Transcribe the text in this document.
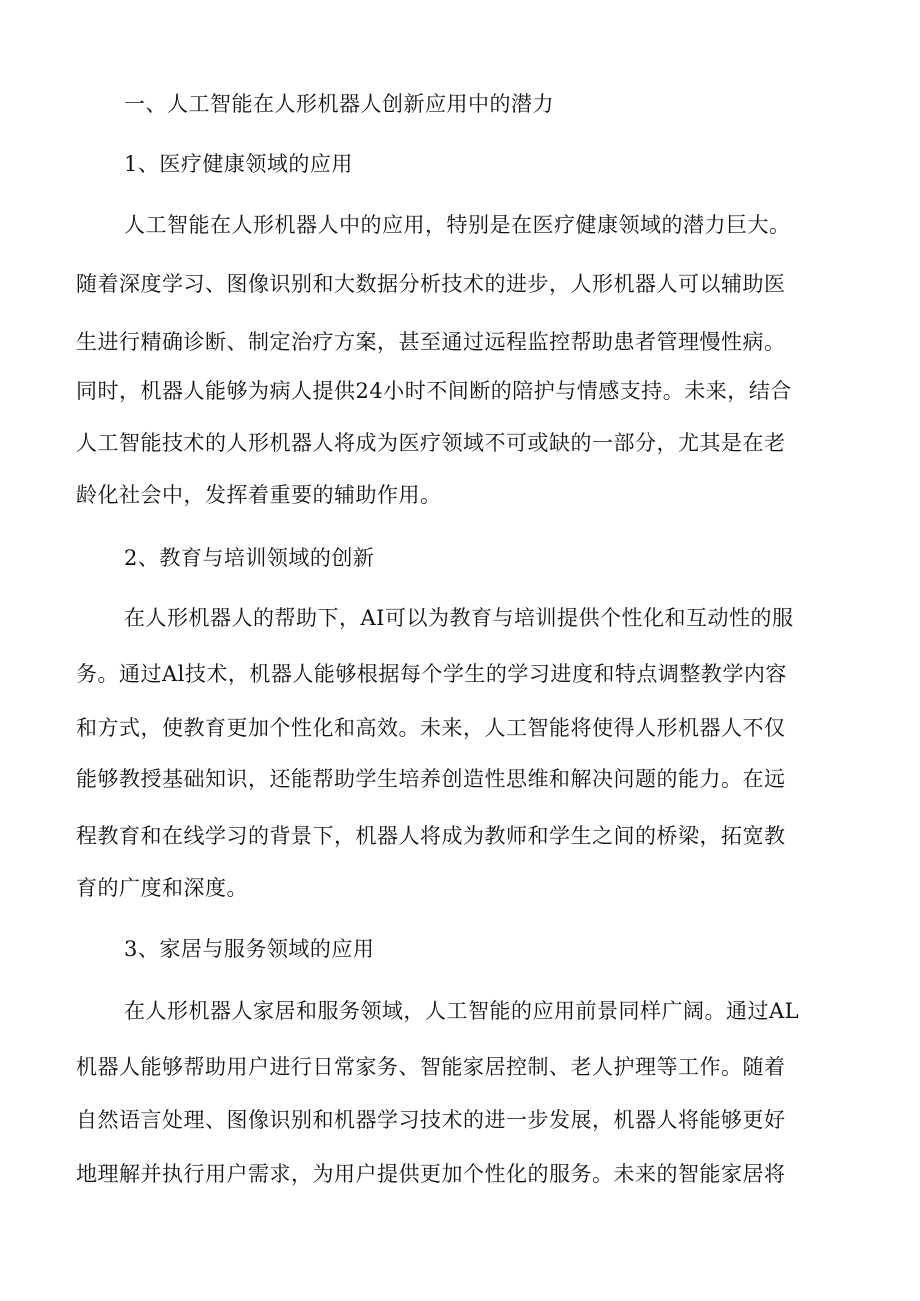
一、人工智能在人形机器人创新应用中的潜力
1、医疗健康领域的应用
人工智能在人形机器人中的应用，特别是在医疗健康领域的潜力巨大。
随着深度学习、图像识别和大数据分析技术的进步，人形机器人可以辅助医
生进行精确诊断、制定治疗方案，甚至通过远程监控帮助患者管理慢性病。
同时，机器人能够为病人提供24小时不间断的陪护与情感支持。未来，结合
人工智能技术的人形机器人将成为医疗领域不可或缺的一部分，尤其是在老
龄化社会中，发挥着重要的辅助作用。
2、教育与培训领域的创新
在人形机器人的帮助下，AI可以为教育与培训提供个性化和互动性的服
务。通过Al技术，机器人能够根据每个学生的学习进度和特点调整教学内容
和方式，使教育更加个性化和高效。未来，人工智能将使得人形机器人不仅
能够教授基础知识，还能帮助学生培养创造性思维和解决问题的能力。在远
程教育和在线学习的背景下，机器人将成为教师和学生之间的桥梁，拓宽教
育的广度和深度。
3、家居与服务领域的应用
在人形机器人家居和服务领域，人工智能的应用前景同样广阔。通过AL
机器人能够帮助用户进行日常家务、智能家居控制、老人护理等工作。随着
自然语言处理、图像识别和机器学习技术的进一步发展，机器人将能够更好
地理解并执行用户需求，为用户提供更加个性化的服务。未来的智能家居将
